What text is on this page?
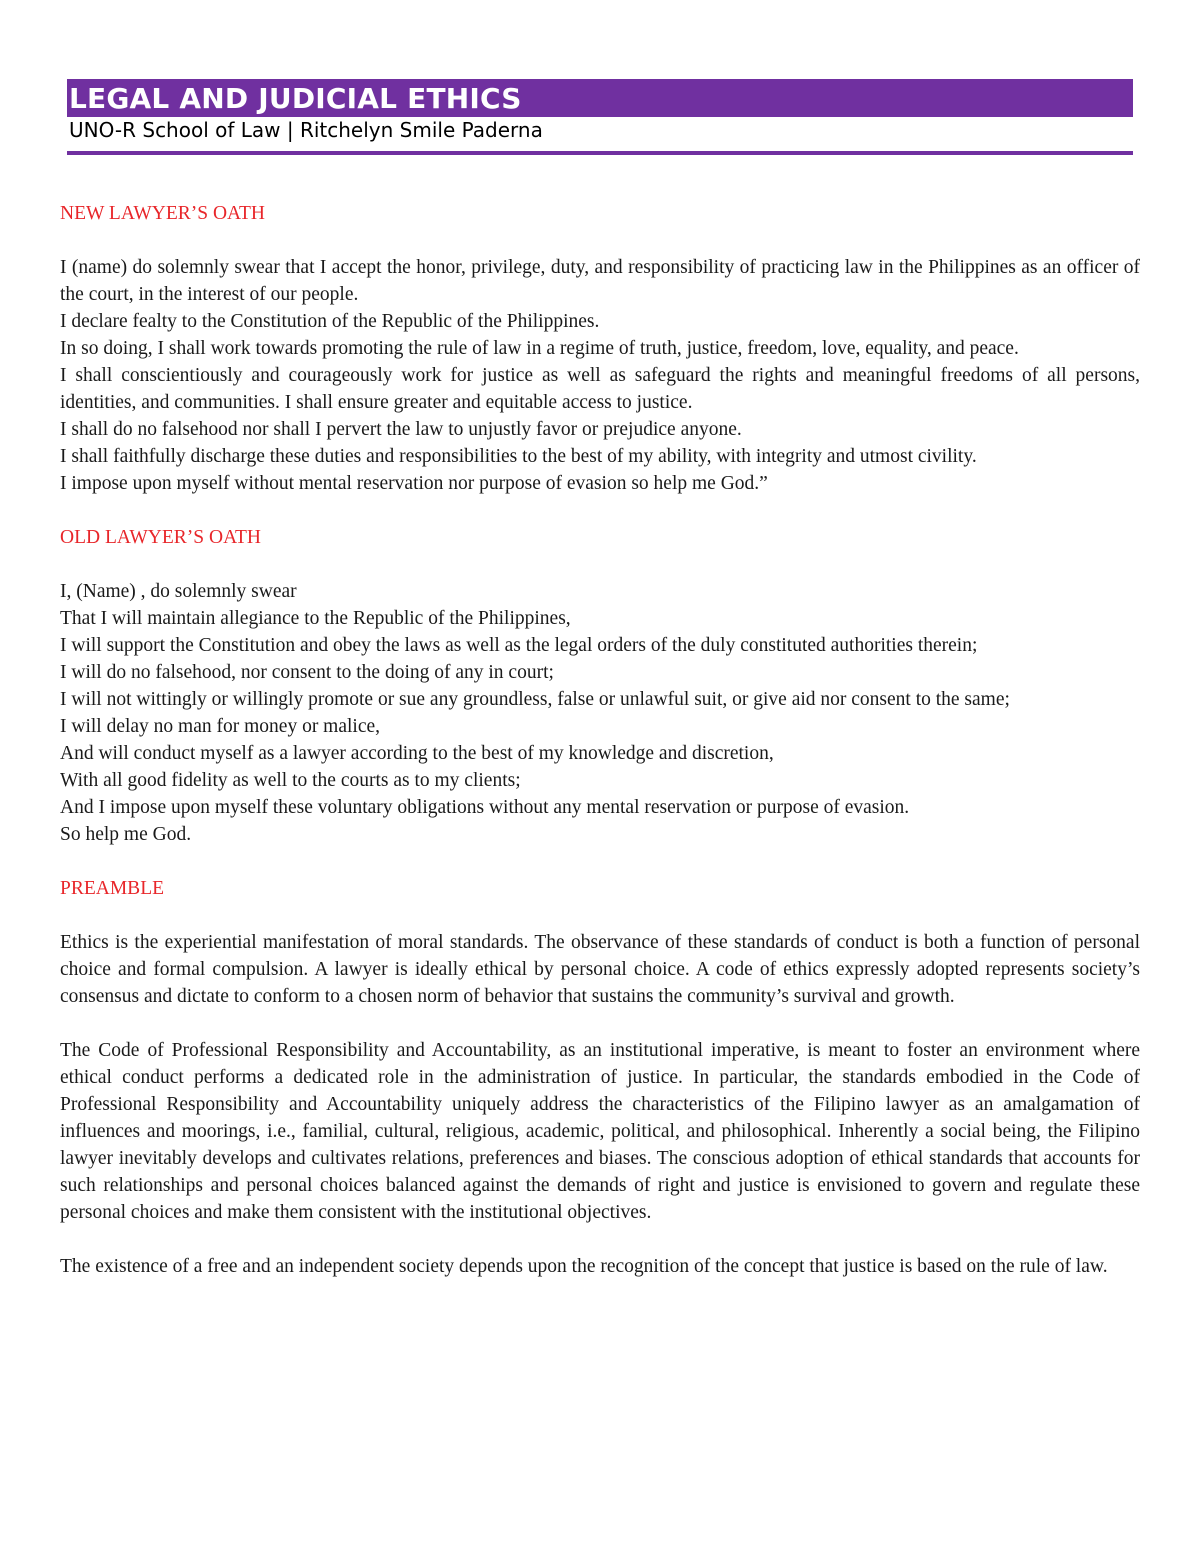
LEGAL AND JUDICIAL ETHICS
UNO-R School of Law | Ritchelyn Smile Paderna
NEW LAWYER’S OATH

I (name) do solemnly swear that I accept the honor, privilege, duty, and responsibility of practicing law in the Philippines as an officer of the court, in the interest of our people.

I declare fealty to the Constitution of the Republic of the Philippines.

In so doing, I shall work towards promoting the rule of law in a regime of truth, justice, freedom, love, equality, and peace.

I shall conscientiously and courageously work for justice as well as safeguard the rights and meaningful freedoms of all persons, identities, and communities. I shall ensure greater and equitable access to justice.

I shall do no falsehood nor shall I pervert the law to unjustly favor or prejudice anyone.

I shall faithfully discharge these duties and responsibilities to the best of my ability, with integrity and utmost civility.

I impose upon myself without mental reservation nor purpose of evasion so help me God.”

OLD LAWYER’S OATH

I, (Name) , do solemnly swear

That I will maintain allegiance to the Republic of the Philippines,

I will support the Constitution and obey the laws as well as the legal orders of the duly constituted authorities therein;

I will do no falsehood, nor consent to the doing of any in court;

I will not wittingly or willingly promote or sue any groundless, false or unlawful suit, or give aid nor consent to the same;

I will delay no man for money or malice,

And will conduct myself as a lawyer according to the best of my knowledge and discretion,

With all good fidelity as well to the courts as to my clients;

And I impose upon myself these voluntary obligations without any mental reservation or purpose of evasion.

So help me God.

PREAMBLE

Ethics is the experiential manifestation of moral standards. The observance of these standards of conduct is both a function of personal choice and formal compulsion. A lawyer is ideally ethical by personal choice. A code of ethics expressly adopted represents society’s consensus and dictate to conform to a chosen norm of behavior that sustains the community’s survival and growth.

The Code of Professional Responsibility and Accountability, as an institutional imperative, is meant to foster an environment where ethical conduct performs a dedicated role in the administration of justice. In particular, the standards embodied in the Code of Professional Responsibility and Accountability uniquely address the characteristics of the Filipino lawyer as an amalgamation of influences and moorings, i.e., familial, cultural, religious, academic, political, and philosophical. Inherently a social being, the Filipino lawyer inevitably develops and cultivates relations, preferences and biases. The conscious adoption of ethical standards that accounts for such relationships and personal choices balanced against the demands of right and justice is envisioned to govern and regulate these personal choices and make them consistent with the institutional objectives.

The existence of a free and an independent society depends upon the recognition of the concept that justice is based on the rule of law.
